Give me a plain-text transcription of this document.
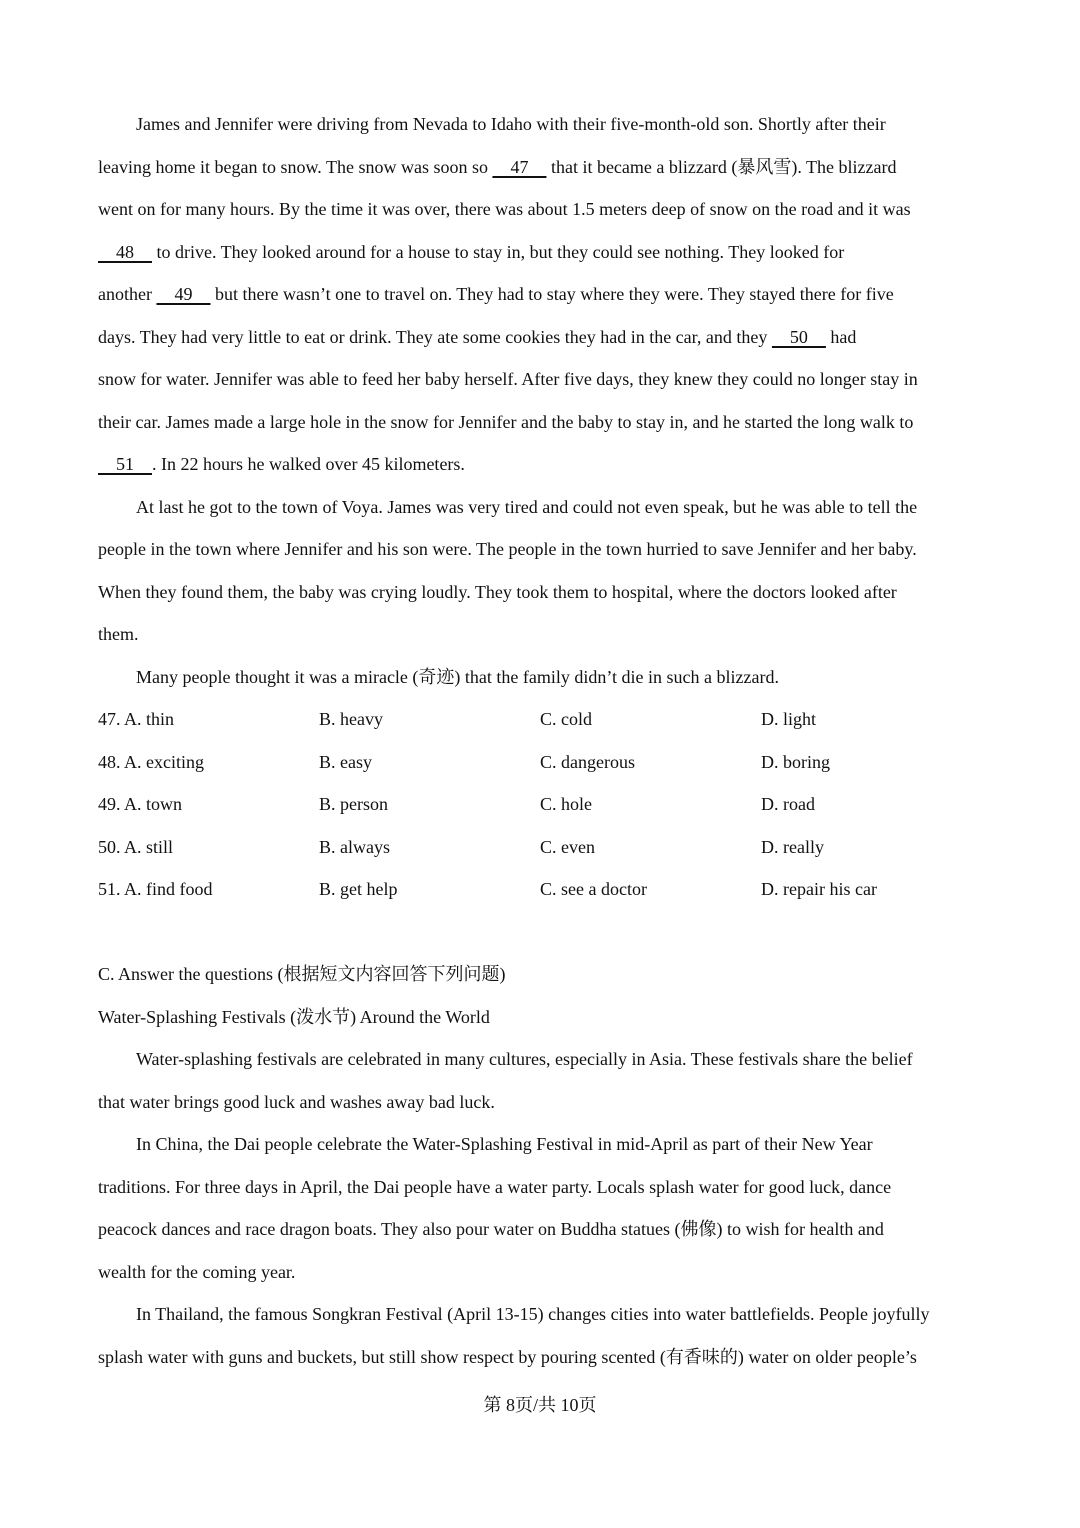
James and Jennifer were driving from Nevada to Idaho with their five-month-old son. Shortly after their

leaving home it began to snow. The snow was soon so     47     that it became a blizzard (暴风雪). The blizzard

went on for many hours. By the time it was over, there was about 1.5 meters deep of snow on the road and it was

48     to drive. They looked around for a house to stay in, but they could see nothing. They looked for

another     49     but there wasn’t one to travel on. They had to stay where they were. They stayed there for five

days. They had very little to eat or drink. They ate some cookies they had in the car, and they     50     had

snow for water. Jennifer was able to feed her baby herself. After five days, they knew they could no longer stay in

their car. James made a large hole in the snow for Jennifer and the baby to stay in, and he started the long walk to

51    . In 22 hours he walked over 45 kilometers.

At last he got to the town of Voya. James was very tired and could not even speak, but he was able to tell the

people in the town where Jennifer and his son were. The people in the town hurried to save Jennifer and her baby.

When they found them, the baby was crying loudly. They took them to hospital, where the doctors looked after

them.

Many people thought it was a miracle (奇迹) that the family didn’t die in such a blizzard.

47. A. thin	B. heavy	C. cold	D. light
48. A. exciting	B. easy	C. dangerous	D. boring
49. A. town	B. person	C. hole	D. road
50. A. still	B. always	C. even	D. really
51. A. find food	B. get help	C. see a doctor	D. repair his car

C. Answer the questions (根据短文内容回答下列问题)

Water-Splashing Festivals (泼水节) Around the World

Water-splashing festivals are celebrated in many cultures, especially in Asia. These festivals share the belief

that water brings good luck and washes away bad luck.

In China, the Dai people celebrate the Water-Splashing Festival in mid-April as part of their New Year

traditions. For three days in April, the Dai people have a water party. Locals splash water for good luck, dance

peacock dances and race dragon boats. They also pour water on Buddha statues (佛像) to wish for health and

wealth for the coming year.

In Thailand, the famous Songkran Festival (April 13-15) changes cities into water battlefields. People joyfully

splash water with guns and buckets, but still show respect by pouring scented (有香味的) water on older people’s

第 8页/共 10页
